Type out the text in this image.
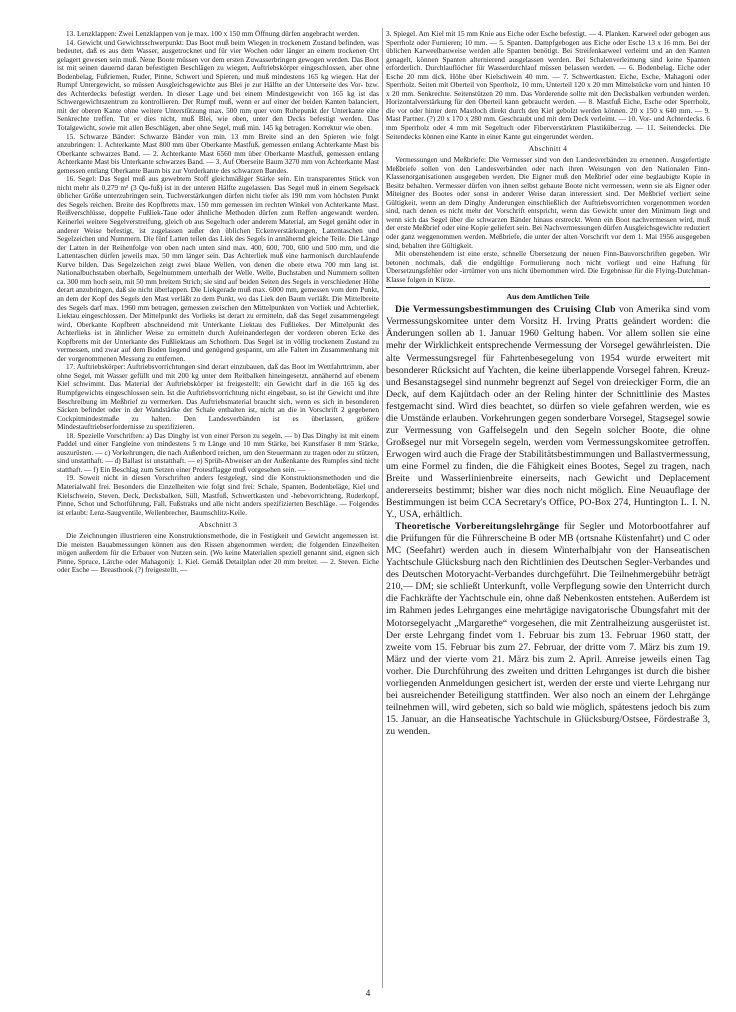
13. Lenzklappen: Zwei Lenzklappen von je max. 100 x 150 mm Öffnung dürfen angebracht werden.

14. Gewicht und Gewichtsschwerpunkt: Das Boot muß beim Wiegen in trockenem Zustand befinden, was bedeutet, daß es aus dem Wasser, ausgetrocknet und für vier Wochen oder länger an einem trockenen Ort gelagert gewesen sein muß. Neue Boote müssen vor dem ersten Zuwasserbringen gewogen werden. Das Boot ist mit seinen dauernd daran befestigten Beschlägen zu wiegen, Auftriebskörper eingeschlossen, aber ohne Bodenbelag, Fußriemen, Ruder, Pinne, Schwert und Spieren, und muß mindestens 165 kg wiegen. Hat der Rumpf Untergewicht, so müssen Ausgleichsgewichte aus Blei je zur Hälfte an der Unterseite des Vor- bzw. des Achterdecks befestigt werden. In dieser Lage und bei einem Mindestgewicht von 165 kg ist das Schwergewichtszentrum zu kontrollieren. Der Rumpf muß, wenn er auf einer der beiden Kanten balanciert, mit der oberen Kante ohne weitere Unterstützung max. 500 mm quer vom Ruhepunkt der Unterkante eine Senkrechte treffen. Tut er dies nicht, muß Blei, wie oben, unter den Decks befestigt werden. Das Totalgewicht, sowie mit allen Beschlägen, aber ohne Segel, muß min. 145 kg betragen. Korrektur wie oben.

15. Schwarze Bänder: Schwarze Bänder von min. 13 mm Breite sind an den Spieren wie folgt anzubringen: 1. Achterkante Mast 800 mm über Oberkante Mastfuß, gemessen entlang Achterkante Mast bis Oberkante schwarzes Band. — 2. Achterkante Mast 6560 mm über Oberkante Mastfuß, gemessen entlang Achterkante Mast bis Unterkante schwarzes Band. — 3. Auf Oberseite Baum 3270 mm von Achterkante Mast gemessen entlang Oberkante Baum bis zur Vorderkante des schwarzen Bandes.

16. Segel: Das Segel muß aus gewebtem Stoff gleichmäßiger Stärke sein. Ein transparentes Stück von nicht mehr als 0.279 m² (3 Qu-fuß) ist in der unteren Hälfte zugelassen. Das Segel muß in einem Segelsack üblicher Größe unterzubringen sein. Tuchverstärkungen dürfen nicht tiefer als 190 mm vom höchsten Punkt des Segels reichen. Breite des Kopfbretts max. 150 mm gemessen im rechten Winkel von Achterkante Mast. Reißverschlüsse, doppelte Fußliek-Taue oder ähnliche Methoden dürfen zum Reffen angewandt werden. Keinerlei weitere Segelverstreifung, gleich ob aus Segeltuch oder anderem Material, am Segel genäht oder in anderer Weise befestigt, ist zugelassen außer den üblichen Eckenverstärkungen, Lattentaschen und Segelzeichen und Nummern. Die fünf Latten teilen das Liek des Segels in annähernd gleiche Teile. Die Länge der Latten in der Reihenfolge von oben nach unten sind max. 400, 600, 700, 600 und 500 mm, und die Lattentaschen dürfen jeweils max. 50 mm länger sein. Das Achterliek muß eine harmonisch durchlaufende Kurve bilden. Das Segelzeichen zeigt zwei blaue Wellen, von denen die obere etwa 700 mm lang ist. Nationalbuchstaben oberhalb, Segelnummern unterhalb der Welle. Welle, Buchstaben und Nummern sollten ca. 300 mm hoch sein, mit 50 mm breitem Strich; sie sind auf beiden Seiten des Segels in verschiedener Höhe derart anzubringen, daß sie nicht überlappen. Die Liekgerade muß max. 6000 mm, gemessen vom dem Punkt, an dem der Kopf des Segels den Mast verläßt zu dem Punkt, wo das Liek den Baum verläßt. Die Mittelbreite des Segels darf max. 1960 mm betragen, gemessen zwischen den Mittelpunkten von Vorliek und Achterliek, Liektau eingeschlossen. Der Mittelpunkt des Vorlieks ist derart zu ermitteln, daß das Segel zusammengelegt wird, Oberkante Kopfbrett abschneidend mit Unterkante Liektau des Fußliekes. Der Mittelpunkt des Achterlieks ist in ähnlicher Weise zu ermitteln durch Aufeinanderlegen der vorderen oberen Ecke des Kopfbretts mit der Unterkante des Fußliektaus am Schothorn. Das Segel ist in völlig trockenem Zustand zu vermessen, und zwar auf dem Boden liegend und genügend gespannt, um alle Falten im Zusammenhang mit der vorgenommenen Messung zu entfernen.

17. Auftriebskörper: Auftriebsvorrichtungen sind derart einzubauen, daß das Boot im Wettfahrttrimm, aber ohne Segel, mit Wasser gefüllt und mit 200 kg unter dem Reitbalken hineingesetzt, annähernd auf ebenem Kiel schwimmt. Das Material der Auftriebskörper ist freigestellt; ein Gewicht darf in die 165 kg des Rumpfgewichts eingeschlossen sein. Ist die Auftriebsvorrichtung nicht eingebaut, so ist ihr Gewicht und ihre Beschreibung im Meßbrief zu vermerken. Das Auftriebsmaterial braucht sich, wenn es sich in besonderen Säcken befindet oder in der Wandstärke der Schale enthalten ist, nicht an die in Vorschrift 2 gegebenen Cockpitmindestmaße zu halten. Den Landesverbänden ist es überlassen, größere Mindestauftriebserfordernisse zu spezifizieren.

18. Spezielle Vorschriften: a) Das Dinghy ist von einer Person zu segeln. — b) Das Dinghy ist mit einem Paddel und einer Fangleine von mindestens 5 m Länge und 10 mm Stärke, bei Kunstfaser 8 mm Stärke, auszurüsten. — c) Vorkehrungen, die nach Außenbord reichen, um den Steuermann zu tragen oder zu stützen, sind unstatthaft. — d) Ballast ist unstatthaft. — e) Sprüh-Abweiser an der Außenkante des Rumpfes sind nicht statthaft. — f) Ein Beschlag zum Setzen einer Protestflagge muß vorgesehen sein. —

19. Soweit nicht in diesen Vorschriften anders festgelegt, sind die Konstruktionsmethoden und die Materialwahl frei. Besonders die Einzelheiten wie folgt sind frei: Schale, Spanten, Bodenbeläge, Kiel und Kielschwein, Steven, Deck, Decksbalken, Süll, Mastfuß, Schwertkasten und -hebevorrichtung, Ruderkopf, Pinne, Schot und Schotführung, Fall, Fußstraks und alle nicht anders spezifizierten Beschläge. — Folgendes ist erlaubt: Lenz-Saugventile, Wellenbrecher, Baumschlitz-Keile.

Abschnitt 3

Die Zeichnungen illustrieren eine Konstruktionsmethode, die in Festigkeit und Gewicht angemessen ist. Die meisten Bauabmessungen können aus den Rissen abgenommen werden; die folgenden Einzelheiten mögen außerdem für die Erbauer von Nutzen sein. (Wo keine Materialien speziell genannt sind, eignen sich Pinne, Spruce, Lärche oder Mahagoni): 1. Kiel. Gemäß Detailplan oder 20 mm breiter. — 2. Steven. Eiche oder Esche — Breasthook (?) freigestellt. —

3. Spiegel. Am Kiel mit 15 mm Knie aus Eiche oder Esche befestigt. — 4. Planken. Karweel oder gebogen aus Sperrholz oder Furnieren; 10 mm. — 5. Spanten. Dampfgebogen aus Eiche oder Esche 13 x 16 mm. Bei der üblichen Karweelbauweise werden alle Spanten benötigt. Bei Streifenkarweel verleimt und an den Kanten genagelt, können Spanten alternierend ausgelassen werden. Bei Schalenverleimung sind keine Spanten erforderlich. Durchlauflöcher für Wasserdurchlauf müssen belassen werden. — 6. Bodenbelag. Eiche oder Esche 20 mm dick. Höhe über Kielschwein 40 mm. — 7. Schwertkasten. Eiche, Esche, Mahagoni oder Sperrholz. Seiten mit Oberteil von Sperrholz, 10 mm, Unterteil 120 x 20 mm Mittelstücke vorn und hinten 10 x 20 mm. Senkrechte. Seitenstützen 20 mm. Das Vorderende sollte mit den Decksbalken verbunden werden. Horizontalverstärkung für den Oberteil kann gebraucht werden. — 8. Mastfuß Eiche, Esche oder Sperrholz, die vor oder hinter dem Mastloch direkt durch den Kiel gebolzt werden können. 20 x 150 x 640 mm. — 9. Mast Partner. (?) 20 x 170 x 280 mm. Geschraubt und mit dem Deck verleimt. — 10. Vor- und Achterdecks. 6 mm Sperrholz oder 4 mm mit Segeltuch oder Fiberverstärktem Plastiküberzug. — 11. Seitendecks. Die Seitendecks können eine Kante in einer Kante gut eingerundet werden.

Abschnitt 4

Vermessungen und Meßbriefe: Die Vermesser sind von den Landesverbänden zu ernennen. Ausgefertigte Meßbriefe sollen von den Landesverbänden oder nach ihren Weisungen von den Nationalen Finn-Klassenorganisationen ausgegeben werden. Die Eigner muß den Meßbrief oder eine beglaubigte Kopie in Besitz behalten. Vermesser dürfen von ihnen selbst gebaute Boote nicht vermessen, wenn sie als Eigner oder Miteigner des Bootes oder sonst in anderer Weise daran interessiert sind. Der Meßbrief verliert seine Gültigkeit, wenn an dem Dinghy Änderungen einschließlich der Auftriebsvorrichten vorgenommen worden sind, nach denen es nicht mehr der Vorschrift entspricht, wenn das Gewicht unter den Minimum liegt und wenn sich das Segel über die schwarzen Bänder hinaus erstreckt. Wenn ein Boot nachvermessen wird, muß der erste Meßbrief oder eine Kopie geliefert sein. Bei Nachvermessungen dürfen Ausgleichsgewichte reduziert oder ganz weggenommen werden. Meßbriefe, die unter der alten Vorschrift vor dem 1. Mai 1956 ausgegeben sind, behalten ihre Gültigkeit.

Mit obenstehendem ist eine erste, schnelle Übersetzung der neuen Finn-Bauvorschriften gegeben. Wir betonen nochmals, daß die endgültige Formulierung noch nicht vorliegt und eine Haftung für Übersetzungsfehler oder -irrtümer von uns nicht übernommen wird. Die Ergebnisse für die Flying-Dutchman-Klasse folgen in Kürze.

Aus dem Amtlichen Teile

Die Vermessungsbestimmungen des Cruising Club von Amerika sind vom Vermessungskomitee unter dem Vorsitz H. Irving Pratts geändert worden: die Änderungen sollen ab 1. Januar 1960 Geltung haben. Vor allem sollen sie eine mehr der Wirklichkeit entsprechende Vermessung der Vorsegel gewährleisten. Die alte Vermessungsregel für Fahrtenbesegelung von 1954 wurde erweitert mit besonderer Rücksicht auf Yachten, die keine überlappende Vorsegel fahren. Kreuz- und Besanstagsegel sind nunmehr begrenzt auf Segel von dreieckiger Form, die an Deck, auf dem Kajütdach oder an der Reling hinter der Schnittlinie des Mastes festgemacht sind. Wird dies beachtet, so dürfen so viele gefahren werden, wie es die Umstände erlauben. Vorkehrungen gegen sonderbare Vorsegel, Stagsegel sowie zur Vermessung von Gaffelsegeln und den Segeln solcher Boote, die ohne Großsegel nur mit Vorsegeln segeln, werden vom Vermessungskomitee getroffen. Erwogen wird auch die Frage der Stabilitätsbestimmungen und Ballastvermessung, um eine Formel zu finden, die die Fähigkeit eines Bootes, Segel zu tragen, nach Breite und Wasserlinienbreite einerseits, nach Gewicht und Deplacement andererseits bestimmt; bisher war dies noch nicht möglich. Eine Neuauflage der Bestimmungen ist beim CCA Secretary's Office, PO-Box 274, Huntington L. I. N. Y., USA, erhältlich.

Theoretische Vorbereitungslehrgänge für Segler und Motorbootfahrer auf die Prüfungen für die Führerscheine B oder MB (ortsnahe Küstenfahrt) und C oder MC (Seefahrt) werden auch in diesem Winterhalbjahr von der Hanseatischen Yachtschule Glücksburg nach den Richtlinien des Deutschen Segler-Verbandes und des Deutschen Motoryacht-Verbandes durchgeführt. Die Teilnehmergebühr beträgt 210,— DM; sie schließt Unterkunft, volle Verpflegung sowie den Unterricht durch die Fachkräfte der Yachtschule ein, ohne daß Nebenkosten entstehen. Außerdem ist im Rahmen jedes Lehrganges eine mehrtägige navigatorische Übungsfahrt mit der Motorsegelyacht „Margarethe“ vorgesehen, die mit Zentralheizung ausgerüstet ist. Der erste Lehrgang findet vom 1. Februar bis zum 13. Februar 1960 statt, der zweite vom 15. Februar bis zum 27. Februar, der dritte vom 7. März bis zum 19. März und der vierte vom 21. März bis zum 2. April. Anreise jeweils einen Tag vorher. Die Durchführung des zweiten und dritten Lehrganges ist durch die bisher vorliegenden Anmeldungen gesichert ist, werden der erste und vierte Lehrgang nur bei ausreichender Beteiligung stattfinden. Wer also noch an einem der Lehrgänge teilnehmen will, wird gebeten, sich so bald wie möglich, spätestens jedoch bis zum 15. Januar, an die Hanseatische Yachtschule in Glücksburg/Ostsee, Fördestraße 3, zu wenden.

4
